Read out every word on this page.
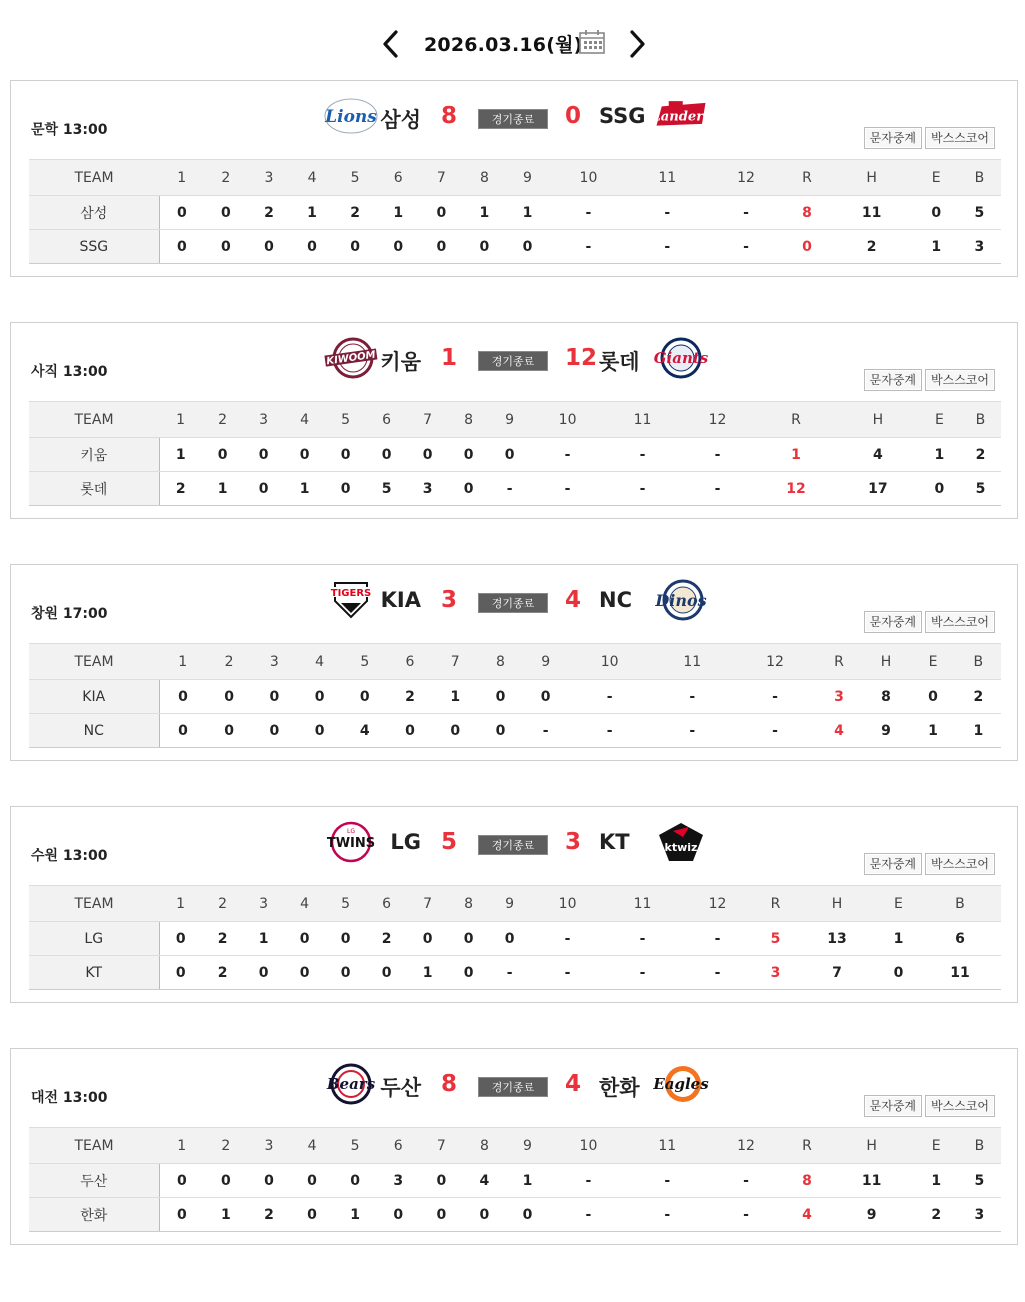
2026.03.16(월)
문학 13:00
Lions 삼성 8	경기종료	0 SSG Landers
문자중계	박스스코어
TEAM	1	2	3	4	5	6	7	8	9	10	11	12	R	H	E	B
삼성	0	0	2	1	2	1	0	1	1	-	-	-	8	11	0	5
SSG	0	0	0	0	0	0	0	0	0	-	-	-	0	2	1	3
사직 13:00
KIWOOM 키움 1	경기종료	12 롯데 Giants
문자중계	박스스코어
TEAM	1	2	3	4	5	6	7	8	9	10	11	12	R	H	E	B
키움	1	0	0	0	0	0	0	0	0	-	-	-	1	4	1	2
롯데	2	1	0	1	0	5	3	0	-	-	-	-	12	17	0	5
창원 17:00
TIGERS KIA 3	경기종료	4 NC Dinos
문자중계	박스스코어
TEAM	1	2	3	4	5	6	7	8	9	10	11	12	R	H	E	B
KIA	0	0	0	0	0	2	1	0	0	-	-	-	3	8	0	2
NC	0	0	0	0	4	0	0	0	-	-	-	-	4	9	1	1
수원 13:00
TWINS
LG LG 5	경기종료	3 KT	ktwiz
문자중계	박스스코어
TEAM	1	2	3	4	5	6	7	8	9	10	11	12	R	H	E	B
LG	0	2	1	0	0	2	0	0	0	-	-	-	5	13	1	6
KT	0	2	0	0	0	0	1	0	-	-	-	-	3	7	0	11
대전 13:00
Bears 두산 8	경기종료	4 한화 Eagles
문자중계	박스스코어
TEAM	1	2	3	4	5	6	7	8	9	10	11	12	R	H	E	B
두산	0	0	0	0	0	3	0	4	1	-	-	-	8	11	1	5
한화	0	1	2	0	1	0	0	0	0	-	-	-	4	9	2	3
